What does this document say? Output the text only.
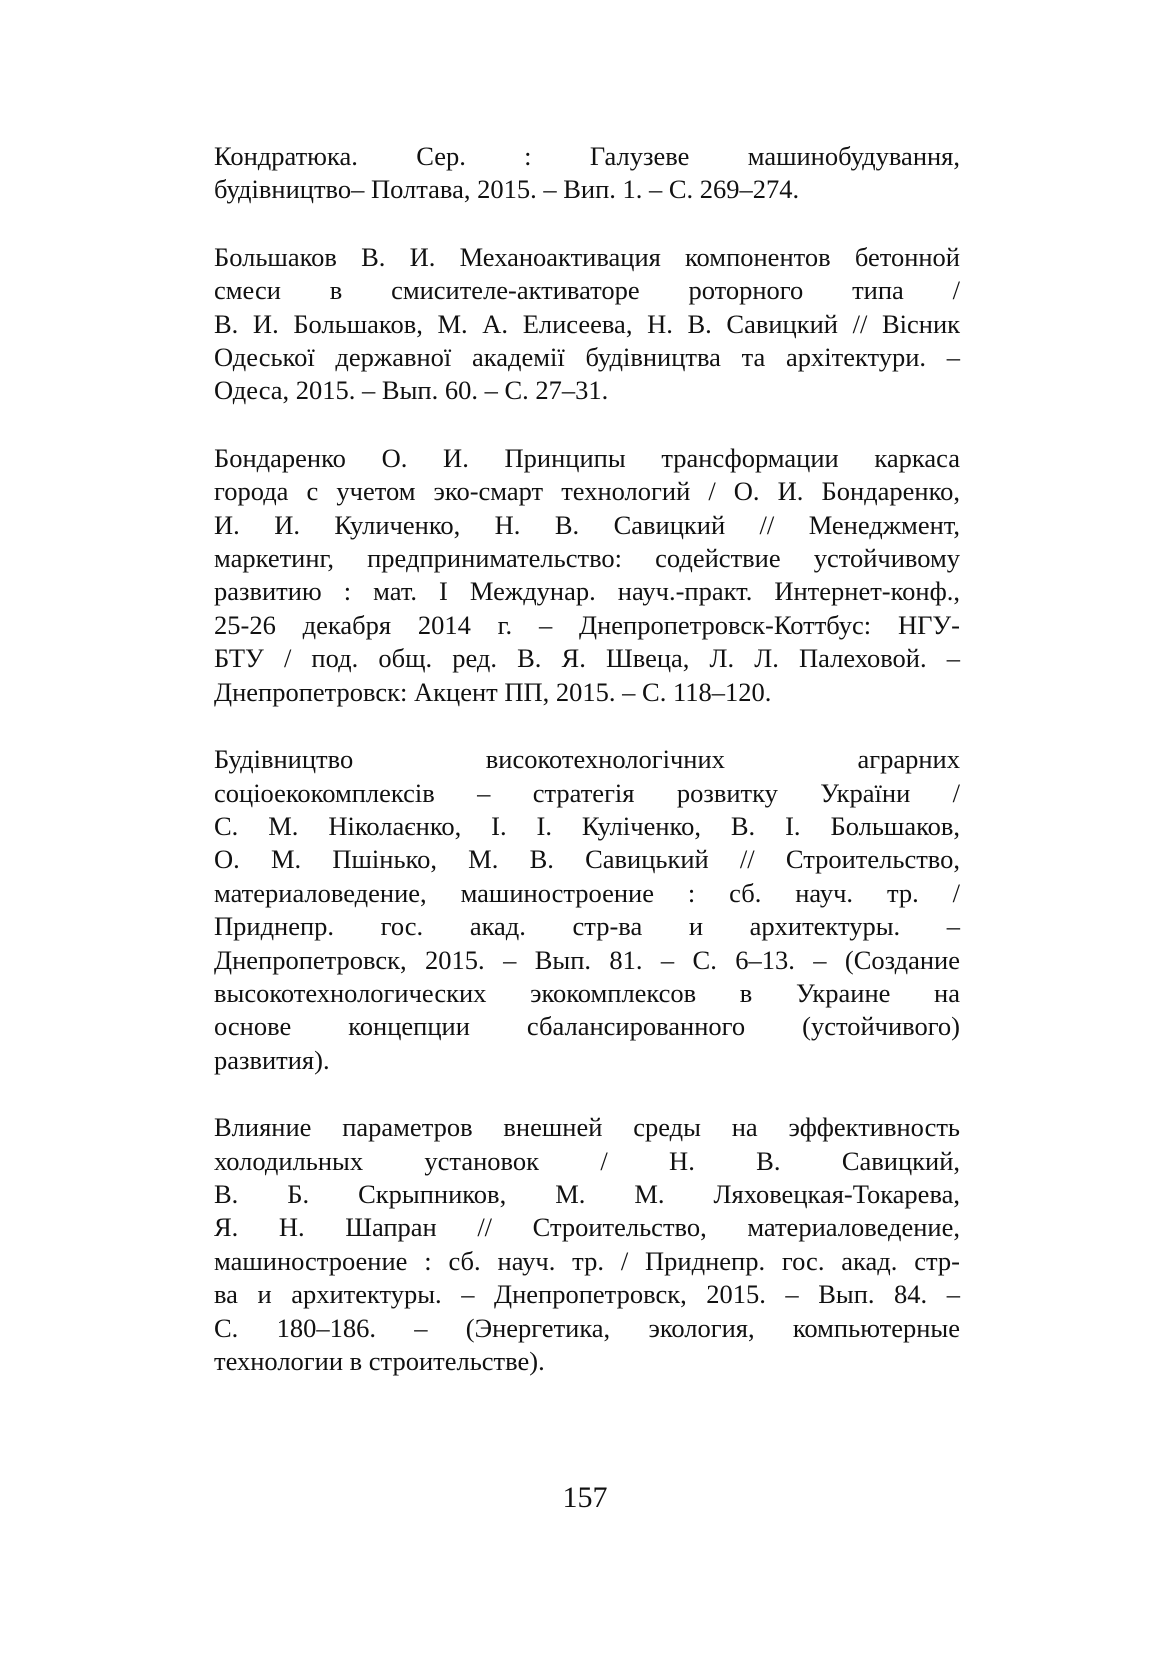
Кондратюка. Сер. : Галузеве машинобудування,

будівництво– Полтава, 2015. – Вип. 1. – С. 269–274.

Большаков В. И. Механоактивация компонентов бетонной

смеси в смисителе-активаторе роторного типа /

В. И. Большаков, М. А. Елисеева, Н. В. Савицкий // Вісник

Одеської державної академії будівництва та архітектури. –

Одеса, 2015. – Вып. 60. – С. 27–31.

Бондаренко О. И. Принципы трансформации каркаса

города с учетом эко-смарт технологий / О. И. Бондаренко,

И. И. Куличенко, Н. В. Савицкий // Менеджмент,

маркетинг, предпринимательство: содействие устойчивому

развитию : мат. I Междунар. науч.-практ. Интернет-конф.,

25-26 декабря 2014 г. – Днепропетровск-Коттбус: НГУ-

БТУ / под. общ. ред. В. Я. Швеца, Л. Л. Палеховой. –

Днепропетровск: Акцент ПП, 2015. – С. 118–120.

Будівництво високотехнологічних аграрних

соціоекокомплексів – стратегія розвитку України /

С. М. Ніколаєнко, І. І. Кулiченко, В. І. Большаков,

О. М. Пшінько, М. В. Савицький // Строительство,

материаловедение, машиностроение : сб. науч. тр. /

Приднепр. гос. акад. стр-ва и архитектуры. –

Днепропетровск, 2015. – Вып. 81. – С. 6–13. – (Создание

высокотехнологических экокомплексов в Украине на

основе концепции сбалансированного (устойчивого)

развития).

Влияние параметров внешней среды на эффективность

холодильных установок / Н. В. Савицкий,

В. Б. Скрыпников, М. М. Ляховецкая-Токарева,

Я. Н. Шапран // Строительство, материаловедение,

машиностроение : сб. науч. тр. / Приднепр. гос. акад. стр-

ва и архитектуры. – Днепропетровск, 2015. – Вып. 84. –

С. 180–186. – (Энергетика, экология, компьютерные

технологии в строительстве).

157
